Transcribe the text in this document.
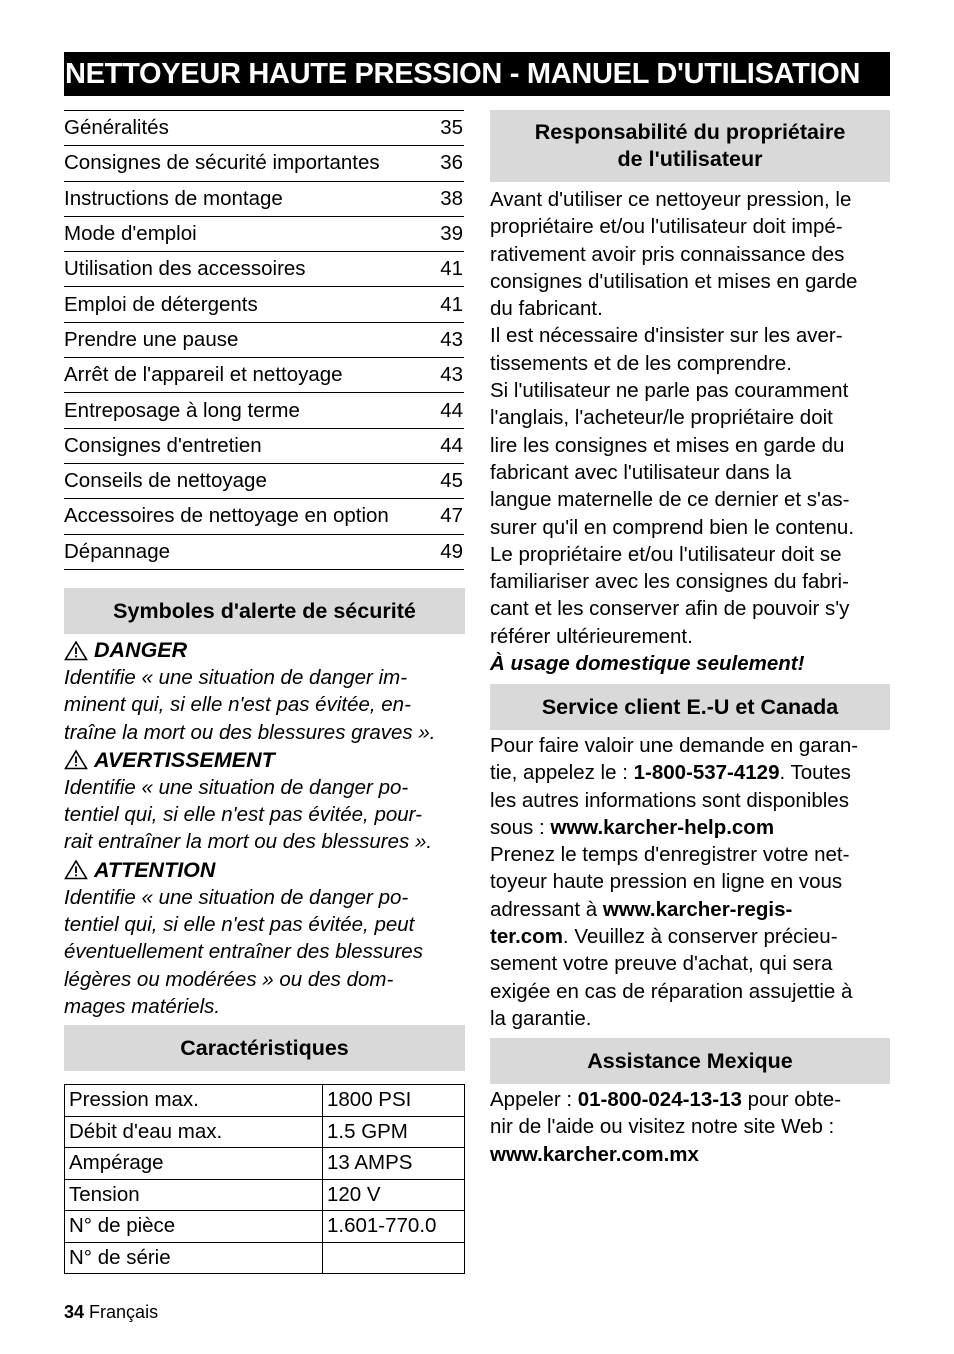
NETTOYEUR HAUTE PRESSION - MANUEL D'UTILISATION
Généralités	35
Consignes de sécurité importantes	36
Instructions de montage	38
Mode d'emploi	39
Utilisation des accessoires	41
Emploi de détergents	41
Prendre une pause	43
Arrêt de l'appareil et nettoyage	43
Entreposage à long terme	44
Consignes d'entretien	44
Conseils de nettoyage	45
Accessoires de nettoyage en option	47
Dépannage	49
Symboles d'alerte de sécurité
DANGER

Identifie « une situation de danger im-

minent qui, si elle n'est pas évitée, en-

traîne la mort ou des blessures graves ».

AVERTISSEMENT

Identifie « une situation de danger po-

tentiel qui, si elle n'est pas évitée, pour-

rait entraîner la mort ou des blessures ».

ATTENTION

Identifie « une situation de danger po-

tentiel qui, si elle n'est pas évitée, peut

éventuellement entraîner des blessures

légères ou modérées » ou des dom-

mages matériels.

Caractéristiques
Pression max.	1800 PSI
Débit d'eau max.	1.5 GPM
Ampérage	13 AMPS
Tension	120 V
N° de pièce	1.601-770.0
N° de série	
Responsabilité du propriétaire
de l'utilisateur

Avant d'utiliser ce nettoyeur pression, le

propriétaire et/ou l'utilisateur doit impé-

rativement avoir pris connaissance des

consignes d'utilisation et mises en garde

du fabricant.

Il est nécessaire d'insister sur les aver-

tissements et de les comprendre.

Si l'utilisateur ne parle pas couramment

l'anglais, l'acheteur/le propriétaire doit

lire les consignes et mises en garde du

fabricant avec l'utilisateur dans la

langue maternelle de ce dernier et s'as-

surer qu'il en comprend bien le contenu.

Le propriétaire et/ou l'utilisateur doit se

familiariser avec les consignes du fabri-

cant et les conserver afin de pouvoir s'y

référer ultérieurement.

À usage domestique seulement!

Service client E.-U et Canada

Pour faire valoir une demande en garan-

tie, appelez le : 1-800-537-4129. Toutes

les autres informations sont disponibles

sous : www.karcher-help.com

Prenez le temps d'enregistrer votre net-

toyeur haute pression en ligne en vous

adressant à www.karcher-regis-

ter.com. Veuillez à conserver précieu-

sement votre preuve d'achat, qui sera

exigée en cas de réparation assujettie à

la garantie.

Assistance Mexique

Appeler : 01-800-024-13-13 pour obte-

nir de l'aide ou visitez notre site Web :

www.karcher.com.mx

34 Français
